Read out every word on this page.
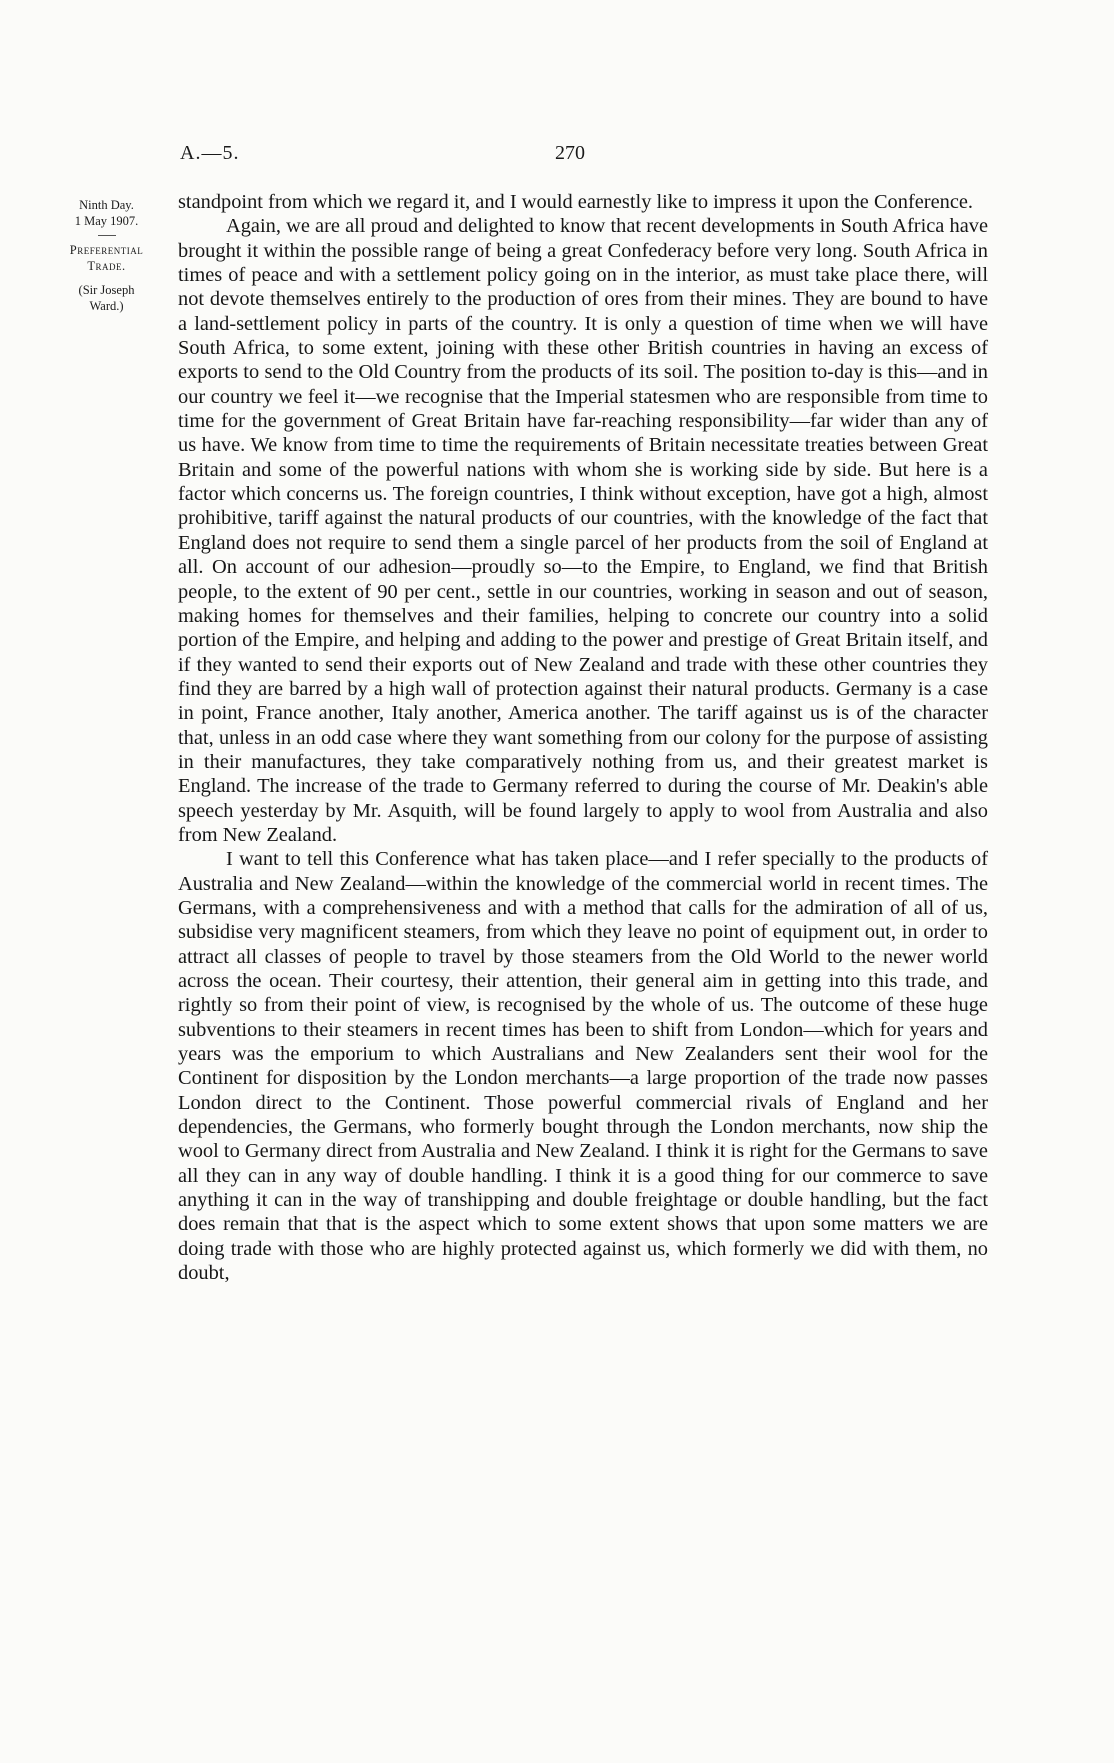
A.—5.	270
Ninth Day.
1 May 1907.
Preferential
Trade.
(Sir Joseph
Ward.)

standpoint from which we regard it, and I would earnestly like to impress it upon the Conference.

Again, we are all proud and delighted to know that recent developments in South Africa have brought it within the possible range of being a great Confederacy before very long. South Africa in times of peace and with a settlement policy going on in the interior, as must take place there, will not devote themselves entirely to the production of ores from their mines. They are bound to have a land-settlement policy in parts of the country. It is only a question of time when we will have South Africa, to some extent, joining with these other British countries in having an excess of exports to send to the Old Country from the products of its soil. The position to-day is this—and in our country we feel it—we recognise that the Imperial statesmen who are responsible from time to time for the government of Great Britain have far-reaching responsibility—far wider than any of us have. We know from time to time the requirements of Britain necessitate treaties between Great Britain and some of the powerful nations with whom she is working side by side. But here is a factor which concerns us. The foreign countries, I think without exception, have got a high, almost prohibitive, tariff against the natural products of our countries, with the knowledge of the fact that England does not require to send them a single parcel of her products from the soil of England at all. On account of our adhesion—proudly so—to the Empire, to England, we find that British people, to the extent of 90 per cent., settle in our countries, working in season and out of season, making homes for themselves and their families, helping to concrete our country into a solid portion of the Empire, and helping and adding to the power and prestige of Great Britain itself, and if they wanted to send their exports out of New Zealand and trade with these other countries they find they are barred by a high wall of protection against their natural products. Germany is a case in point, France another, Italy another, America another. The tariff against us is of the character that, unless in an odd case where they want something from our colony for the purpose of assisting in their manufactures, they take comparatively nothing from us, and their greatest market is England. The increase of the trade to Germany referred to during the course of Mr. Deakin's able speech yesterday by Mr. Asquith, will be found largely to apply to wool from Australia and also from New Zealand.

I want to tell this Conference what has taken place—and I refer specially to the products of Australia and New Zealand—within the knowledge of the commercial world in recent times. The Germans, with a comprehensiveness and with a method that calls for the admiration of all of us, subsidise very magnificent steamers, from which they leave no point of equipment out, in order to attract all classes of people to travel by those steamers from the Old World to the newer world across the ocean. Their courtesy, their attention, their general aim in getting into this trade, and rightly so from their point of view, is recognised by the whole of us. The outcome of these huge subventions to their steamers in recent times has been to shift from London—which for years and years was the emporium to which Australians and New Zealanders sent their wool for the Continent for disposition by the London merchants—a large proportion of the trade now passes London direct to the Continent. Those powerful commercial rivals of England and her dependencies, the Germans, who formerly bought through the London merchants, now ship the wool to Germany direct from Australia and New Zealand. I think it is right for the Germans to save all they can in any way of double handling. I think it is a good thing for our commerce to save anything it can in the way of transhipping and double freightage or double handling, but the fact does remain that that is the aspect which to some extent shows that upon some matters we are doing trade with those who are highly protected against us, which formerly we did with them, no doubt,
